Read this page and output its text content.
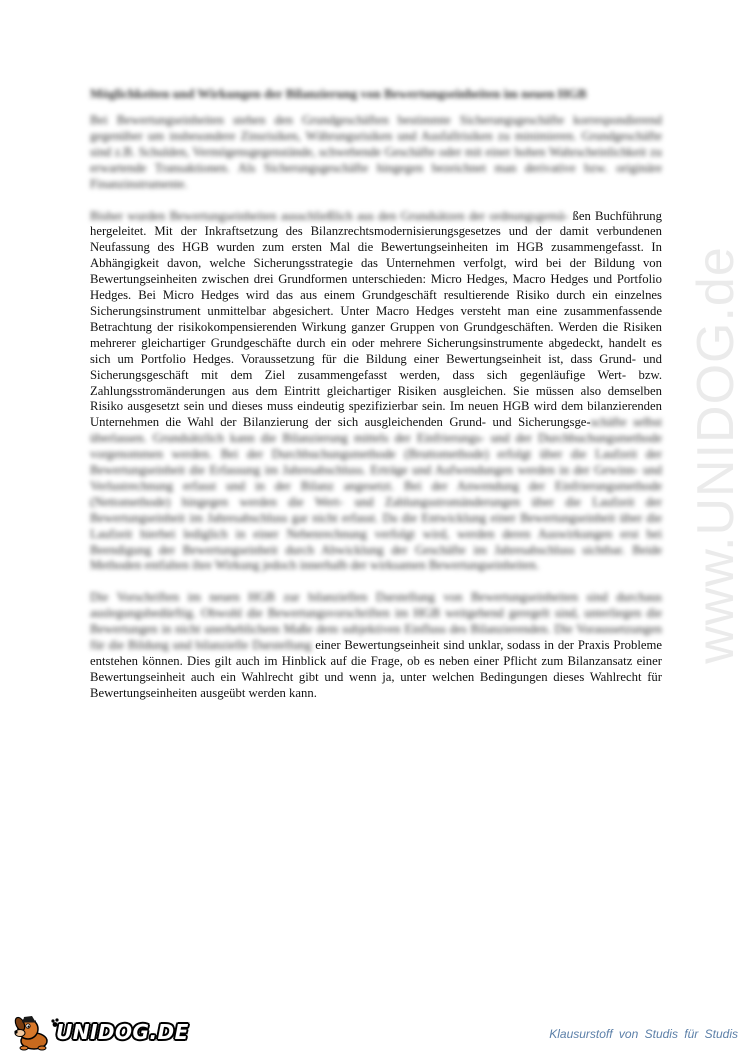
www.UNIDOG.de
Möglichkeiten und Wirkungen der Bilanzierung von Bewertungseinheiten im neuen HGB

Bei Bewertungseinheiten stehen den Grundgeschäften bestimmte Sicherungsgeschäfte korrespondierend gegenüber um insbesondere Zinsrisiken, Währungsrisiken und Ausfallrisiken zu minimieren. Grundgeschäfte sind z.B. Schulden, Vermögensgegenstände, schwebende Geschäfte oder mit einer hohen Wahrscheinlichkeit zu erwartende Transaktionen. Als Sicherungsgeschäfte hingegen bezeichnet man derivative bzw. originäre Finanzinstrumente.

Bisher wurden Bewertungseinheiten ausschließlich aus den Grundsätzen der ordnungsgemä- ßen Buchführung hergeleitet. Mit der Inkraftsetzung des Bilanzrechtsmodernisierungsgesetzes und der damit verbundenen Neufassung des HGB wurden zum ersten Mal die Bewertungseinheiten im HGB zusammengefasst. In Abhängigkeit davon, welche Sicherungsstrategie das Unternehmen verfolgt, wird bei der Bildung von Bewertungseinheiten zwischen drei Grundformen unterschieden: Micro Hedges, Macro Hedges und Portfolio Hedges. Bei Micro Hedges wird das aus einem Grundgeschäft resultierende Risiko durch ein einzelnes Sicherungsinstrument unmittelbar abgesichert. Unter Macro Hedges versteht man eine zusammenfassende Betrachtung der risikokompensierenden Wirkung ganzer Gruppen von Grundgeschäften. Werden die Risiken mehrerer gleichartiger Grundgeschäfte durch ein oder mehrere Sicherungsinstrumente abgedeckt, handelt es sich um Portfolio Hedges. Voraussetzung für die Bildung einer Bewertungseinheit ist, dass Grund- und Sicherungsgeschäft mit dem Ziel zusammengefasst werden, dass sich gegenläufige Wert- bzw. Zahlungsstromänderungen aus dem Eintritt gleichartiger Risiken ausgleichen. Sie müssen also demselben Risiko ausgesetzt sein und dieses muss eindeutig spezifizierbar sein. Im neuen HGB wird dem bilanzierenden Unternehmen die Wahl der Bilanzierung der sich ausgleichenden Grund- und Sicherungsge-schäfte selbst überlassen. Grundsätzlich kann die Bilanzierung mittels der Einfrierungs- und der Durchbuchungsmethode vorgenommen werden. Bei der Durchbuchungsmethode (Bruttomethode) erfolgt über die Laufzeit der Bewertungseinheit die Erfassung im Jahresabschluss. Erträge und Aufwendungen werden in der Gewinn- und Verlustrechnung erfasst und in der Bilanz angesetzt. Bei der Anwendung der Einfrierungsmethode (Nettomethode) hingegen werden die Wert- und Zahlungsstromänderungen über die Laufzeit der Bewertungseinheit im Jahresabschluss gar nicht erfasst. Da die Entwicklung einer Bewertungseinheit über die Laufzeit hierbei lediglich in einer Nebenrechnung verfolgt wird, werden deren Auswirkungen erst bei Beendigung der Bewertungseinheit durch Abwicklung der Geschäfte im Jahresabschluss sichtbar. Beide Methoden entfalten ihre Wirkung jedoch innerhalb der wirksamen Bewertungseinheiten.

Die Vorschriften im neuen HGB zur bilanziellen Darstellung von Bewertungseinheiten sind durchaus auslegungsbedürftig. Obwohl die Bewertungsvorschriften im HGB weitgehend geregelt sind, unterliegen die Bewertungen in nicht unerheblichem Maße dem subjektiven Einfluss des Bilanzierenden. Die Voraussetzungen für die Bildung und bilanzielle Darstellung einer Bewertungseinheit sind unklar, sodass in der Praxis Probleme entstehen können. Dies gilt auch im Hinblick auf die Frage, ob es neben einer Pflicht zum Bilanzansatz einer Bewertungseinheit auch ein Wahlrecht gibt und wenn ja, unter welchen Bedingungen dieses Wahlrecht für Bewertungseinheiten ausgeübt werden kann.

UNIDOG.DE	Klausurstoff von Studis für Studis
